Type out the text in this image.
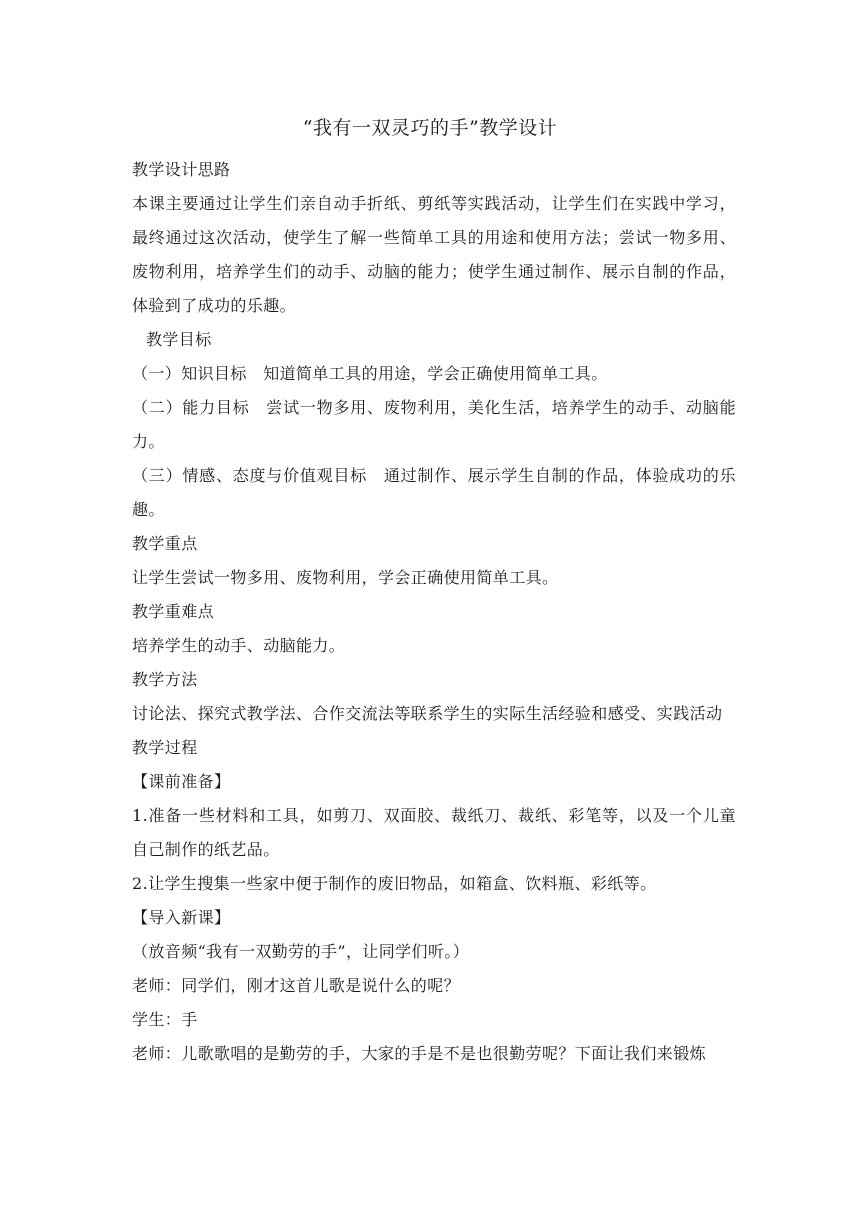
“我有一双灵巧的手”教学设计

教学设计思路

本课主要通过让学生们亲自动手折纸、剪纸等实践活动，让学生们在实践中学习，最终通过这次活动，使学生了解一些简单工具的用途和使用方法；尝试一物多用、废物利用，培养学生们的动手、动脑的能力；使学生通过制作、展示自制的作品，体验到了成功的乐趣。

教学目标

（一）知识目标　知道简单工具的用途，学会正确使用简单工具。

（二）能力目标　尝试一物多用、废物利用，美化生活，培养学生的动手、动脑能力。

（三）情感、态度与价值观目标　通过制作、展示学生自制的作品，体验成功的乐趣。

教学重点

让学生尝试一物多用、废物利用，学会正确使用简单工具。

教学重难点

培养学生的动手、动脑能力。

教学方法

讨论法、探究式教学法、合作交流法等联系学生的实际生活经验和感受、实践活动

教学过程

【课前准备】

1.准备一些材料和工具，如剪刀、双面胶、裁纸刀、裁纸、彩笔等，以及一个儿童自己制作的纸艺品。

2.让学生搜集一些家中便于制作的废旧物品，如箱盒、饮料瓶、彩纸等。

【导入新课】

（放音频“我有一双勤劳的手”，让同学们听。）

老师：同学们，刚才这首儿歌是说什么的呢？

学生：手

老师：儿歌歌唱的是勤劳的手，大家的手是不是也很勤劳呢？下面让我们来锻炼
